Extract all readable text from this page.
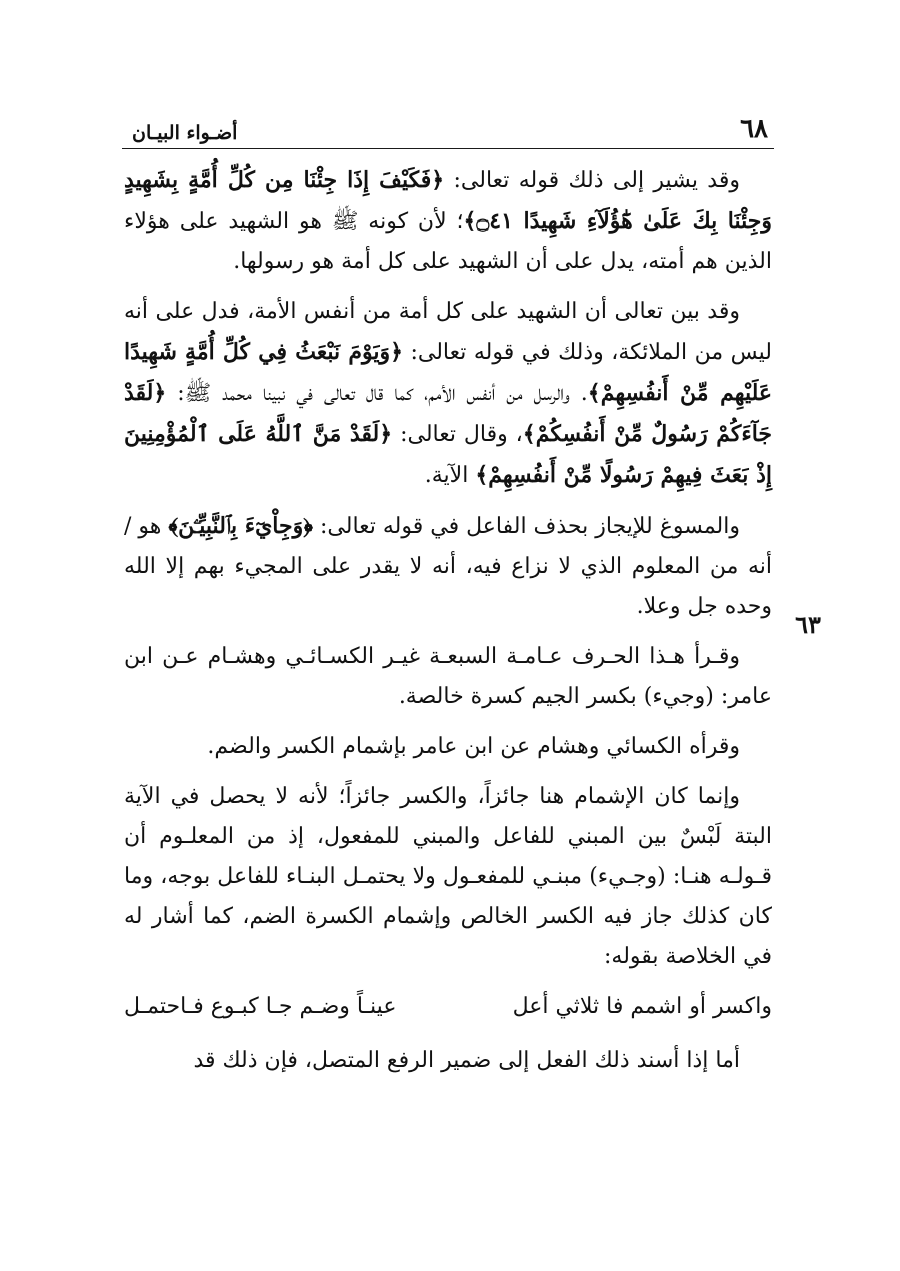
٦٨
أضـواء البيـان
٦٣

وقد يشير إلى ذلك قوله تعالى: ﴿فَكَيْفَ إِذَا جِئْنَا مِن كُلِّ أُمَّةٍ بِشَهِيدٍ وَجِئْنَا بِكَ عَلَىٰ هَٰٓؤُلَآءِ شَهِيدًا ۝٤١﴾؛ لأن كونه ﷺ هو الشهيد على هؤلاء الذين هم أمته، يدل على أن الشهيد على كل أمة هو رسولها.

وقد بين تعالى أن الشهيد على كل أمة من أنفس الأمة، فدل على أنه ليس من الملائكة، وذلك في قوله تعالى: ﴿وَيَوْمَ نَبْعَثُ فِي كُلِّ أُمَّةٍ شَهِيدًا عَلَيْهِم مِّنْ أَنفُسِهِمْ﴾. والرسل من أنفس الأمم، كما قال تعالى في نبينا محمد ﷺ: ﴿لَقَدْ جَآءَكُمْ رَسُولٌ مِّنْ أَنفُسِكُمْ﴾، وقال تعالى: ﴿لَقَدْ مَنَّ ٱللَّهُ عَلَى ٱلْمُؤْمِنِينَ إِذْ بَعَثَ فِيهِمْ رَسُولًا مِّنْ أَنفُسِهِمْ﴾ الآية.

والمسوغ للإيجاز بحذف الفاعل في قوله تعالى: ﴿وَجِاْيٓءَ بِٱلنَّبِيِّـۧنَ﴾ هو / أنه من المعلوم الذي لا نزاع فيه، أنه لا يقدر على المجيء بهم إلا الله وحده جل وعلا.

وقـرأ هـذا الحـرف عـامـة السبعـة غيـر الكسـائـي وهشـام عـن ابن عامر: (وجيء) بكسر الجيم كسرة خالصة.

وقرأه الكسائي وهشام عن ابن عامر بإشمام الكسر والضم.

وإنما كان الإشمام هنا جائزاً، والكسر جائزاً؛ لأنه لا يحصل في الآية البتة لَبْسٌ بين المبني للفاعل والمبني للمفعول، إذ من المعلـوم أن قـولـه هنـا: (وجـيء) مبنـي للمفعـول ولا يحتمـل البنـاء للفاعل بوجه، وما كان كذلك جاز فيه الكسر الخالص وإشمام الكسرة الضم، كما أشار له في الخلاصة بقوله:

واكسر أو اشمم فا ثلاثي أعل
عينـاً وضـم جـا كبـوع فـاحتمـل

أما إذا أسند ذلك الفعل إلى ضمير الرفع المتصل، فإن ذلك قد
